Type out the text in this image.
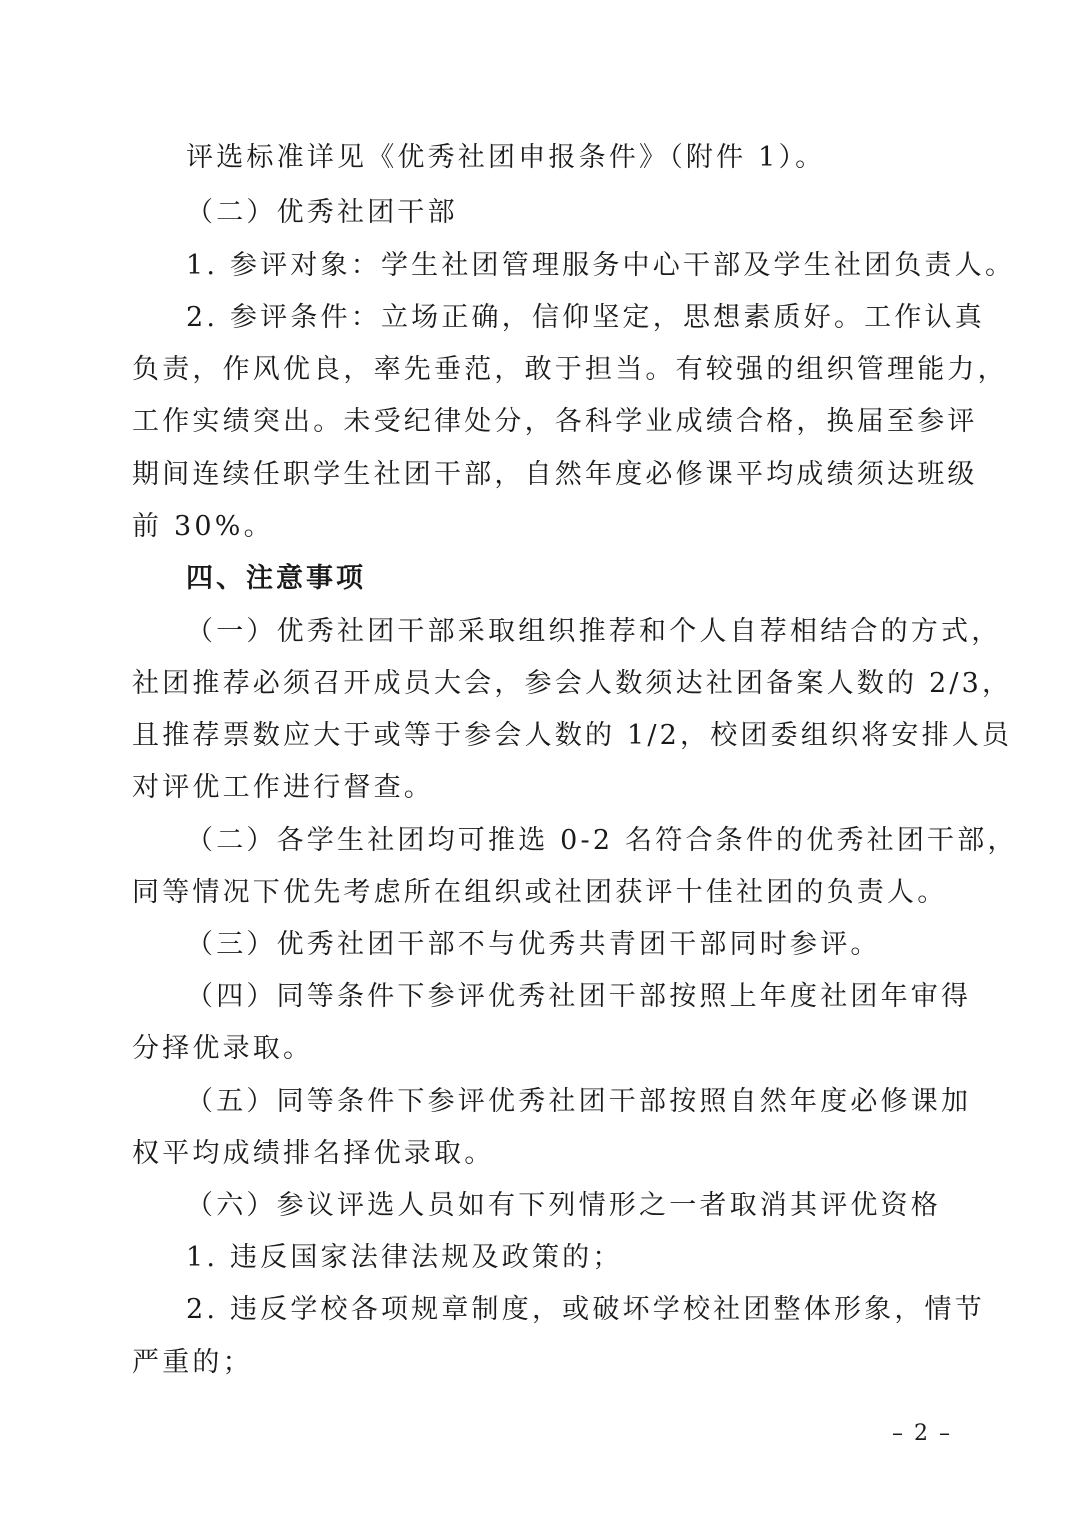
评选标准详见《优秀社团申报条件》（附件 1）。
（二）优秀社团干部
1. 参评对象：学生社团管理服务中心干部及学生社团负责人。
2. 参评条件：立场正确，信仰坚定，思想素质好。工作认真
负责，作风优良，率先垂范，敢于担当。有较强的组织管理能力，
工作实绩突出。未受纪律处分，各科学业成绩合格，换届至参评
期间连续任职学生社团干部，自然年度必修课平均成绩须达班级
前 30%。
四、注意事项
（一）优秀社团干部采取组织推荐和个人自荐相结合的方式，
社团推荐必须召开成员大会，参会人数须达社团备案人数的 2/3，
且推荐票数应大于或等于参会人数的 1/2，校团委组织将安排人员
对评优工作进行督查。
（二）各学生社团均可推选 0-2 名符合条件的优秀社团干部，
同等情况下优先考虑所在组织或社团获评十佳社团的负责人。
（三）优秀社团干部不与优秀共青团干部同时参评。
（四）同等条件下参评优秀社团干部按照上年度社团年审得
分择优录取。
（五）同等条件下参评优秀社团干部按照自然年度必修课加
权平均成绩排名择优录取。
（六）参议评选人员如有下列情形之一者取消其评优资格
1. 违反国家法律法规及政策的；
2. 违反学校各项规章制度，或破坏学校社团整体形象，情节
严重的；
– 2 –
